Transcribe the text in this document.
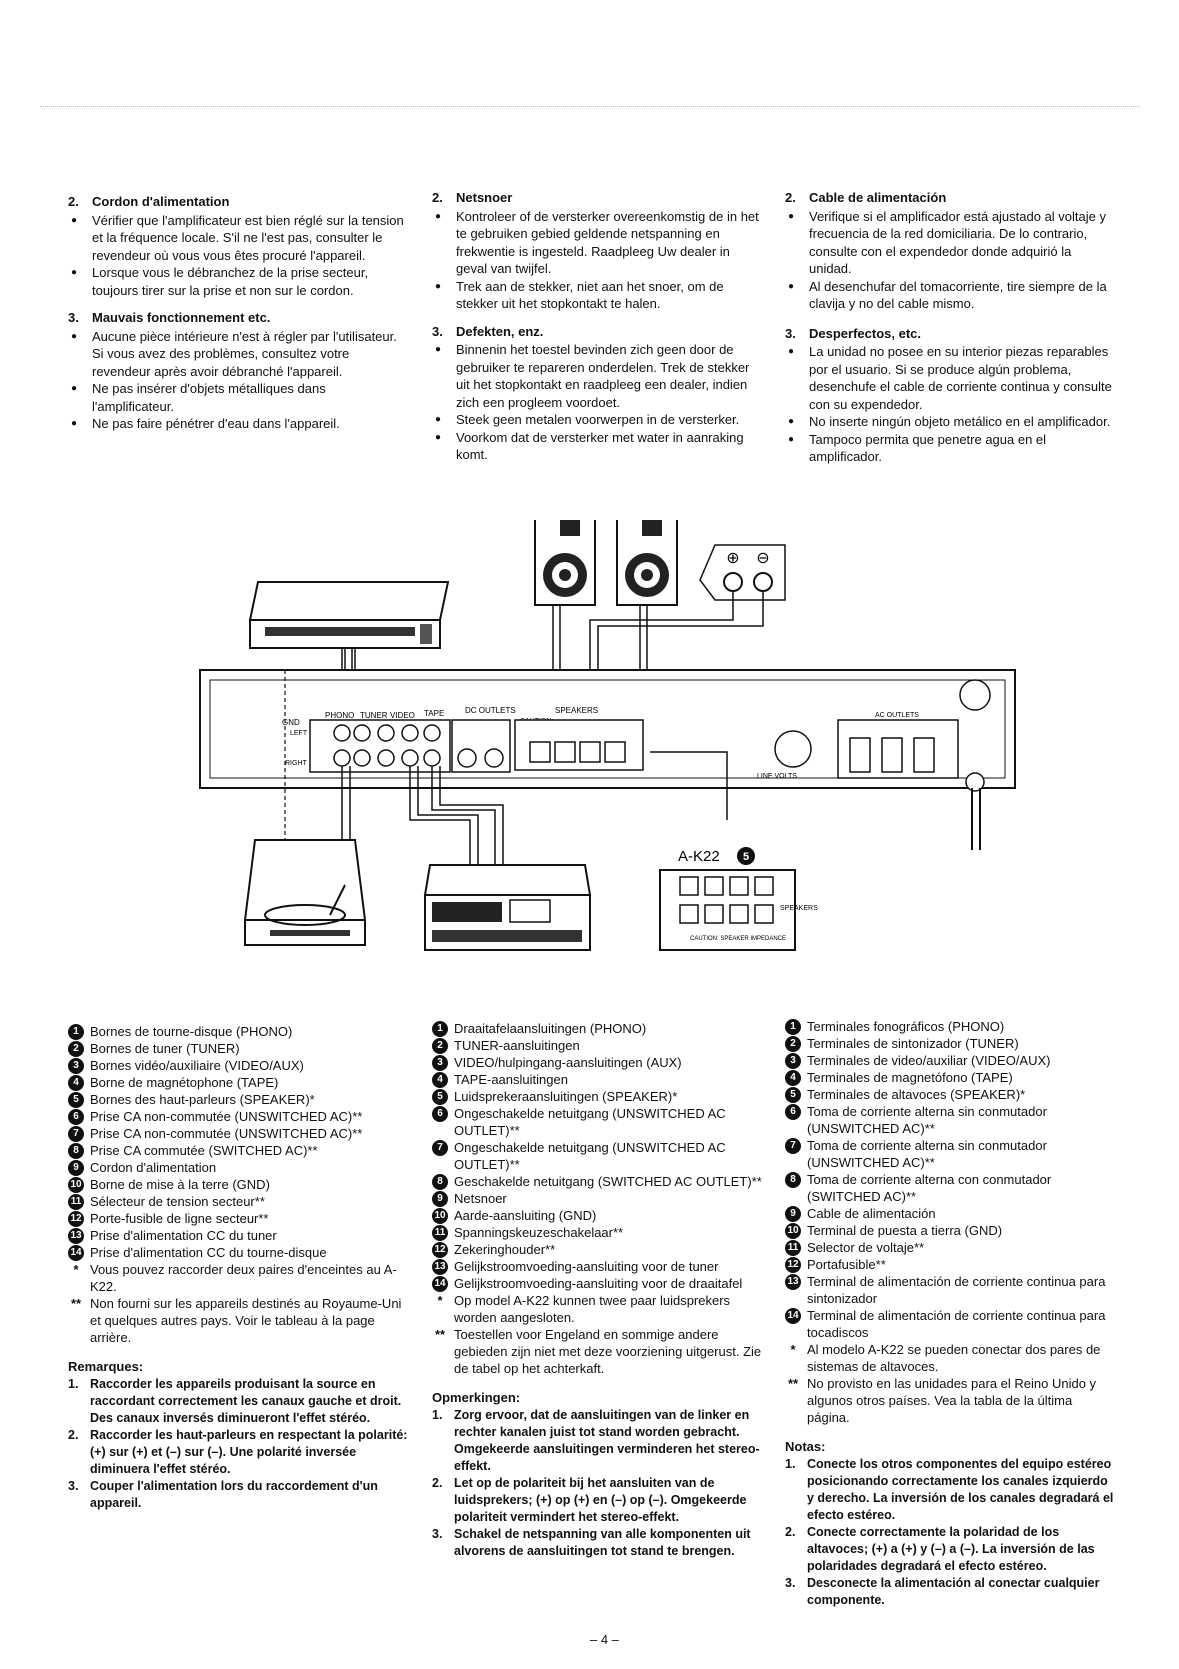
2. Cordon d'alimentation
● Vérifier que l'amplificateur est bien réglé sur la tension et la fréquence locale. S'il ne l'est pas, consulter le revendeur où vous vous êtes procuré l'appareil.
● Lorsque vous le débranchez de la prise secteur, toujours tirer sur la prise et non sur le cordon.
3. Mauvais fonctionnement etc.
● Aucune pièce intérieure n'est à régler par l'utilisateur. Si vous avez des problèmes, consultez votre revendeur après avoir débranché l'appareil.
● Ne pas insérer d'objets métalliques dans l'amplificateur.
● Ne pas faire pénétrer d'eau dans l'appareil.
2. Netsnoer
● Kontroleer of de versterker overeenkomstig de in het te gebruiken gebied geldende netspanning en frekwentie is ingesteld. Raadpleeg Uw dealer in geval van twijfel.
● Trek aan de stekker, niet aan het snoer, om de stekker uit het stopkontakt te halen.
3. Defekten, enz.
● Binnenin het toestel bevinden zich geen door de gebruiker te repareren onderdelen. Trek de stekker uit het stopkontakt en raadpleeg een dealer, indien zich een progleem voordoet.
● Steek geen metalen voorwerpen in de versterker.
● Voorkom dat de versterker met water in aanraking komt.
2. Cable de alimentación
● Verifique si el amplificador está ajustado al voltaje y frecuencia de la red domiciliaria. De lo contrario, consulte con el expendedor donde adquirió la unidad.
● Al desenchufar del tomacorriente, tire siempre de la clavija y no del cable mismo.
3. Desperfectos, etc.
● La unidad no posee en su interior piezas reparables por el usuario. Si se produce algún problema, desenchufe el cable de corriente continua y consulte con su expendedor.
● No inserte ningún objeto metálico en el amplificador.
● Tampoco permita que penetre agua en el amplificador.
⊕ ⊖
GND
PHONO TUNER VIDEO TAPE	DC OUTLETS	SPEAKERS
LEFT
RIGHT
LINE VOLTS
AC OUTLETS
A-K22 5
SPEAKERS
CAUTION: SPEAKER IMPEDANCE
1 Bornes de tourne-disque (PHONO)
2 Bornes de tuner (TUNER)
3 Bornes vidéo/auxiliaire (VIDEO/AUX)
4 Borne de magnétophone (TAPE)
5 Bornes des haut-parleurs (SPEAKER)*
6 Prise CA non-commutée (UNSWITCHED AC)**
7 Prise CA non-commutée (UNSWITCHED AC)**
8 Prise CA commutée (SWITCHED AC)**
9 Cordon d'alimentation
10 Borne de mise à la terre (GND)
11 Sélecteur de tension secteur**
12 Porte-fusible de ligne secteur**
13 Prise d'alimentation CC du tuner
14 Prise d'alimentation CC du tourne-disque
* Vous pouvez raccorder deux paires d'enceintes au A-K22.
** Non fourni sur les appareils destinés au Royaume-Uni et quelques autres pays. Voir le tableau à la page arrière.
Remarques:
1. Raccorder les appareils produisant la source en raccordant correctement les canaux gauche et droit. Des canaux inversés diminueront l'effet stéréo.
2. Raccorder les haut-parleurs en respectant la polarité: (+) sur (+) et (–) sur (–). Une polarité inversée diminuera l'effet stéréo.
3. Couper l'alimentation lors du raccordement d'un appareil.
1 Draaitafelaansluitingen (PHONO)
2 TUNER-aansluitingen
3 VIDEO/hulpingang-aansluitingen (AUX)
4 TAPE-aansluitingen
5 Luidsprekeraansluitingen (SPEAKER)*
6 Ongeschakelde netuitgang (UNSWITCHED AC OUTLET)**
7 Ongeschakelde netuitgang (UNSWITCHED AC OUTLET)**
8 Geschakelde netuitgang (SWITCHED AC OUTLET)**
9 Netsnoer
10 Aarde-aansluiting (GND)
11 Spanningskeuzeschakelaar**
12 Zekeringhouder**
13 Gelijkstroomvoeding-aansluiting voor de tuner
14 Gelijkstroomvoeding-aansluiting voor de draaitafel
* Op model A-K22 kunnen twee paar luidsprekers worden aangesloten.
** Toestellen voor Engeland en sommige andere gebieden zijn niet met deze voorziening uitgerust. Zie de tabel op het achterkaft.
Opmerkingen:
1. Zorg ervoor, dat de aansluitingen van de linker en rechter kanalen juist tot stand worden gebracht. Omgekeerde aansluitingen verminderen het stereo-effekt.
2. Let op de polariteit bij het aansluiten van de luidsprekers; (+) op (+) en (–) op (–). Omgekeerde polariteit vermindert het stereo-effekt.
3. Schakel de netspanning van alle komponenten uit alvorens de aansluitingen tot stand te brengen.
1 Terminales fonográficos (PHONO)
2 Terminales de sintonizador (TUNER)
3 Terminales de video/auxiliar (VIDEO/AUX)
4 Terminales de magnetófono (TAPE)
5 Terminales de altavoces (SPEAKER)*
6 Toma de corriente alterna sin conmutador (UNSWITCHED AC)**
7 Toma de corriente alterna sin conmutador (UNSWITCHED AC)**
8 Toma de corriente alterna con conmutador (SWITCHED AC)**
9 Cable de alimentación
10 Terminal de puesta a tierra (GND)
11 Selector de voltaje**
12 Portafusible**
13 Terminal de alimentación de corriente continua para sintonizador
14 Terminal de alimentación de corriente continua para tocadiscos
* Al modelo A-K22 se pueden conectar dos pares de sistemas de altavoces.
** No provisto en las unidades para el Reino Unido y algunos otros países. Vea la tabla de la última página.
Notas:
1. Conecte los otros componentes del equipo estéreo posicionando correctamente los canales izquierdo y derecho. La inversión de los canales degradará el efecto estéreo.
2. Conecte correctamente la polaridad de los altavoces; (+) a (+) y (–) a (–). La inversión de las polaridades degradará el efecto estéreo.
3. Desconecte la alimentación al conectar cualquier componente.
– 4 –
